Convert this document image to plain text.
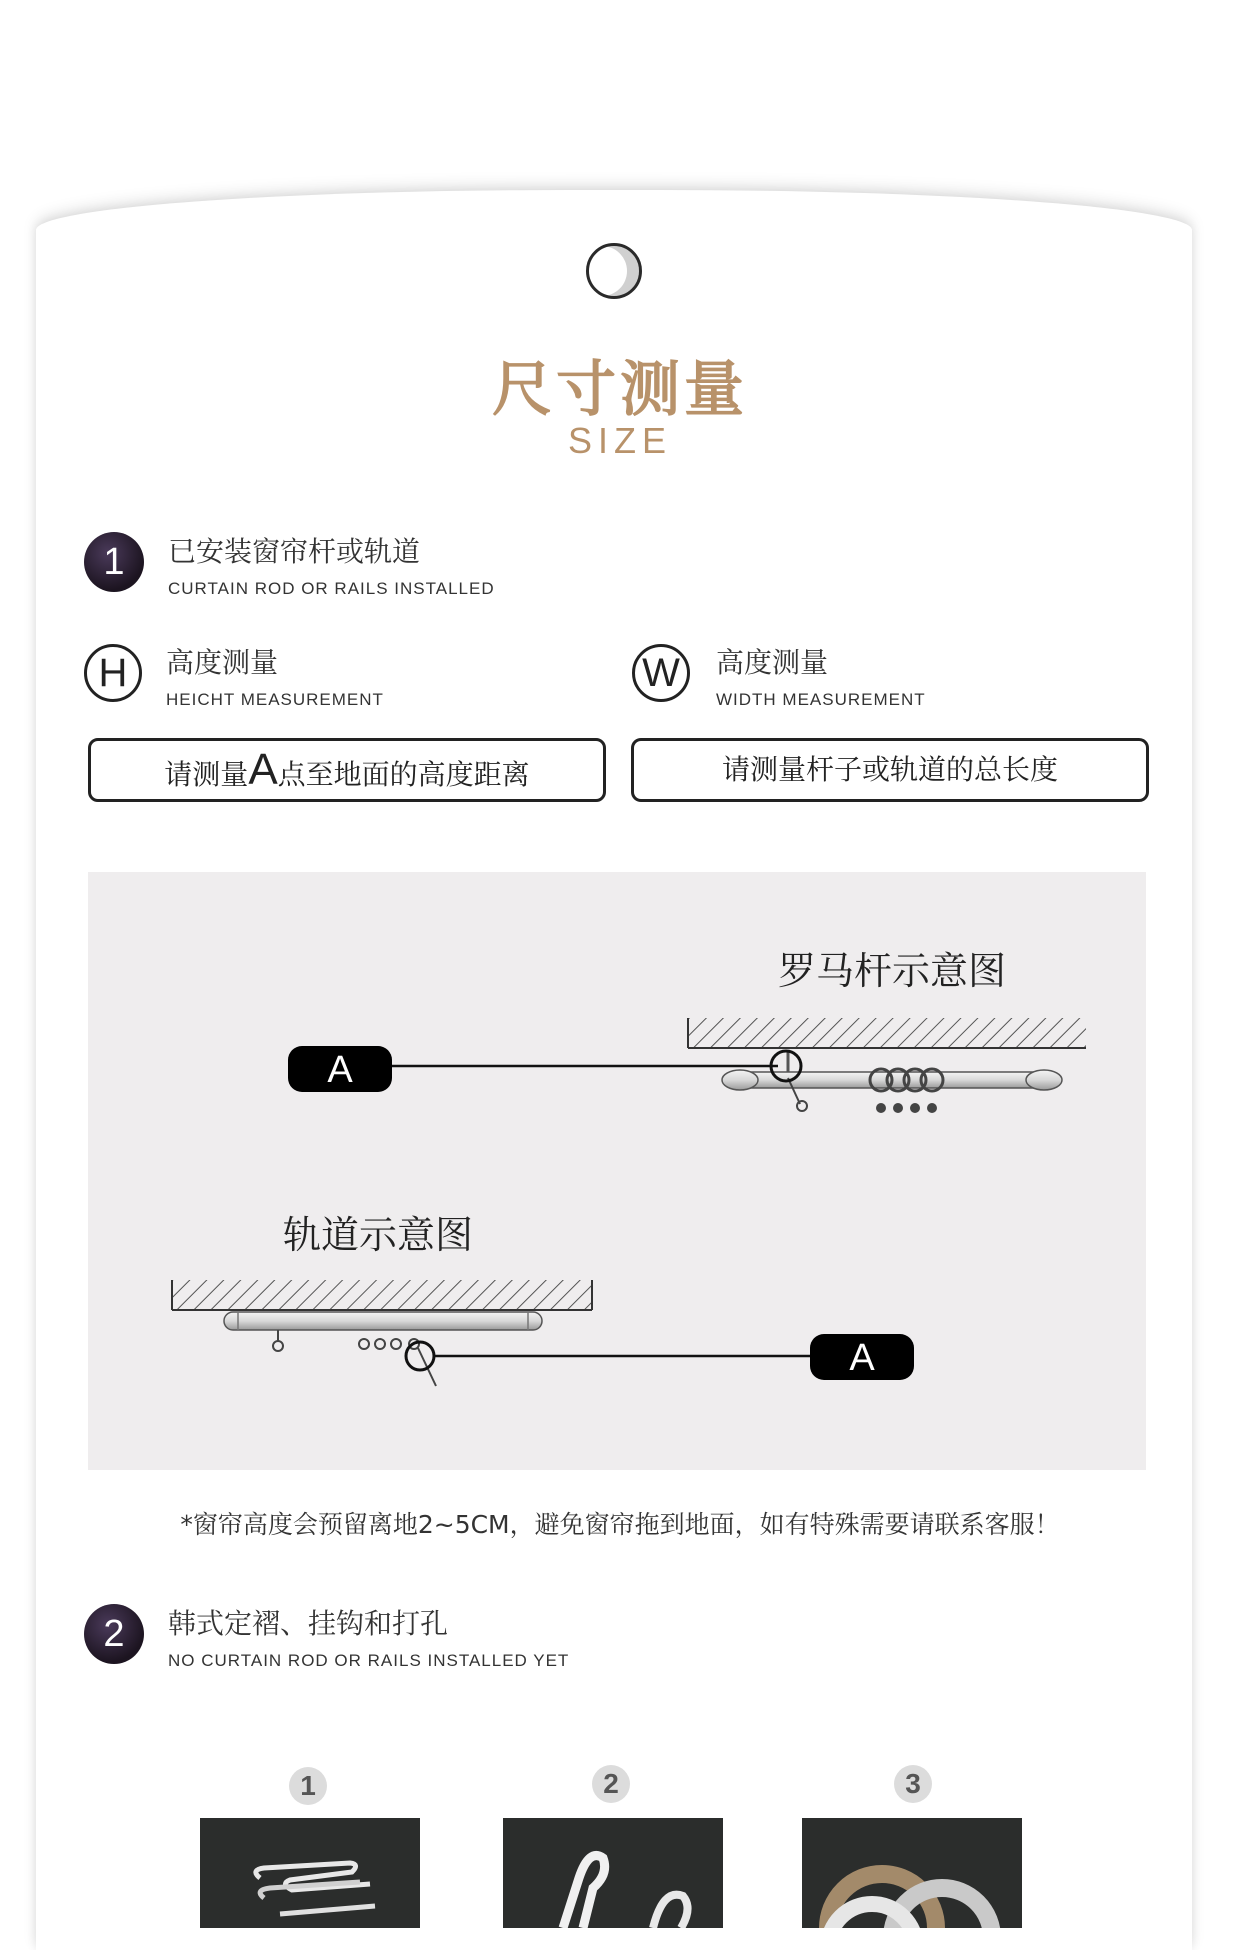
尺寸测量
SIZE
1	已安装窗帘杆或轨道
CURTAIN ROD OR RAILS INSTALLED
H	高度测量
HEICHT MEASUREMENT
W	高度测量
WIDTH MEASUREMENT
请测量A点至地面的高度距离	请测量杆子或轨道的总长度
罗马杆示意图
A
轨道示意图
A
*窗帘高度会预留离地2~5CM，避免窗帘拖到地面，如有特殊需要请联系客服！
2	韩式定褶、挂钩和打孔
NO CURTAIN ROD OR RAILS INSTALLED YET
1	2	3
